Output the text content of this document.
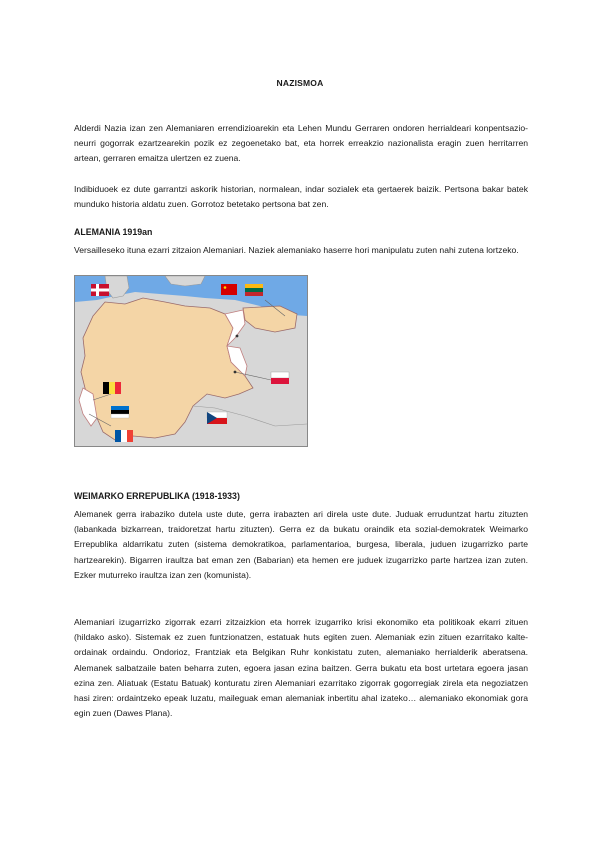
NAZISMOA

Alderdi Nazia izan zen Alemaniaren errendizioarekin eta Lehen Mundu Gerraren ondoren herrialdeari konpentsazio-neurri gogorrak ezartzearekin pozik ez zegoenetako bat, eta horrek erreakzio nazionalista eragin zuen herritarren artean, gerraren emaitza ulertzen ez zuena.

Indibiduoek ez dute garrantzi askorik historian, normalean, indar sozialek eta gertaerek baizik. Pertsona bakar batek munduko historia aldatu zuen. Gorrotoz betetako pertsona bat zen.

ALEMANIA 1919an

Versailleseko ituna ezarri zitzaion Alemaniari. Naziek alemaniako haserre hori manipulatu zuten nahi zutena lortzeko.

WEIMARKO ERREPUBLIKA (1918-1933)

Alemanek gerra irabaziko dutela uste dute, gerra irabazten ari direla uste dute. Juduak erruduntzat hartu zituzten (labankada bizkarrean, traidoretzat hartu zituzten). Gerra ez da bukatu oraindik eta sozial-demokratek Weimarko Errepublika aldarrikatu zuten (sistema demokratikoa, parlamentarioa, burgesa, liberala, juduen izugarrizko parte hartzearekin). Bigarren iraultza bat eman zen (Babarian) eta hemen ere juduek izugarrizko parte hartzea izan zuten. Ezker muturreko iraultza izan zen (komunista).

Alemaniari izugarrizko zigorrak ezarri zitzaizkion eta horrek izugarriko krisi ekonomiko eta politikoak ekarri zituen (hildako asko). Sistemak ez zuen funtzionatzen, estatuak huts egiten zuen. Alemaniak ezin zituen ezarritako kalte-ordainak ordaindu. Ondorioz, Frantziak eta Belgikan Ruhr konkistatu zuten, alemaniako herrialderik aberatsena. Alemanek salbatzaile baten beharra zuten, egoera jasan ezina baitzen. Gerra bukatu eta bost urtetara egoera jasan ezina zen. Aliatuak (Estatu Batuak) konturatu ziren Alemaniari ezarritako zigorrak gogorregiak zirela eta negoziatzen hasi ziren: ordaintzeko epeak luzatu, maileguak eman alemaniak inbertitu ahal izateko… alemaniako ekonomiak gora egin zuen (Dawes Plana).
